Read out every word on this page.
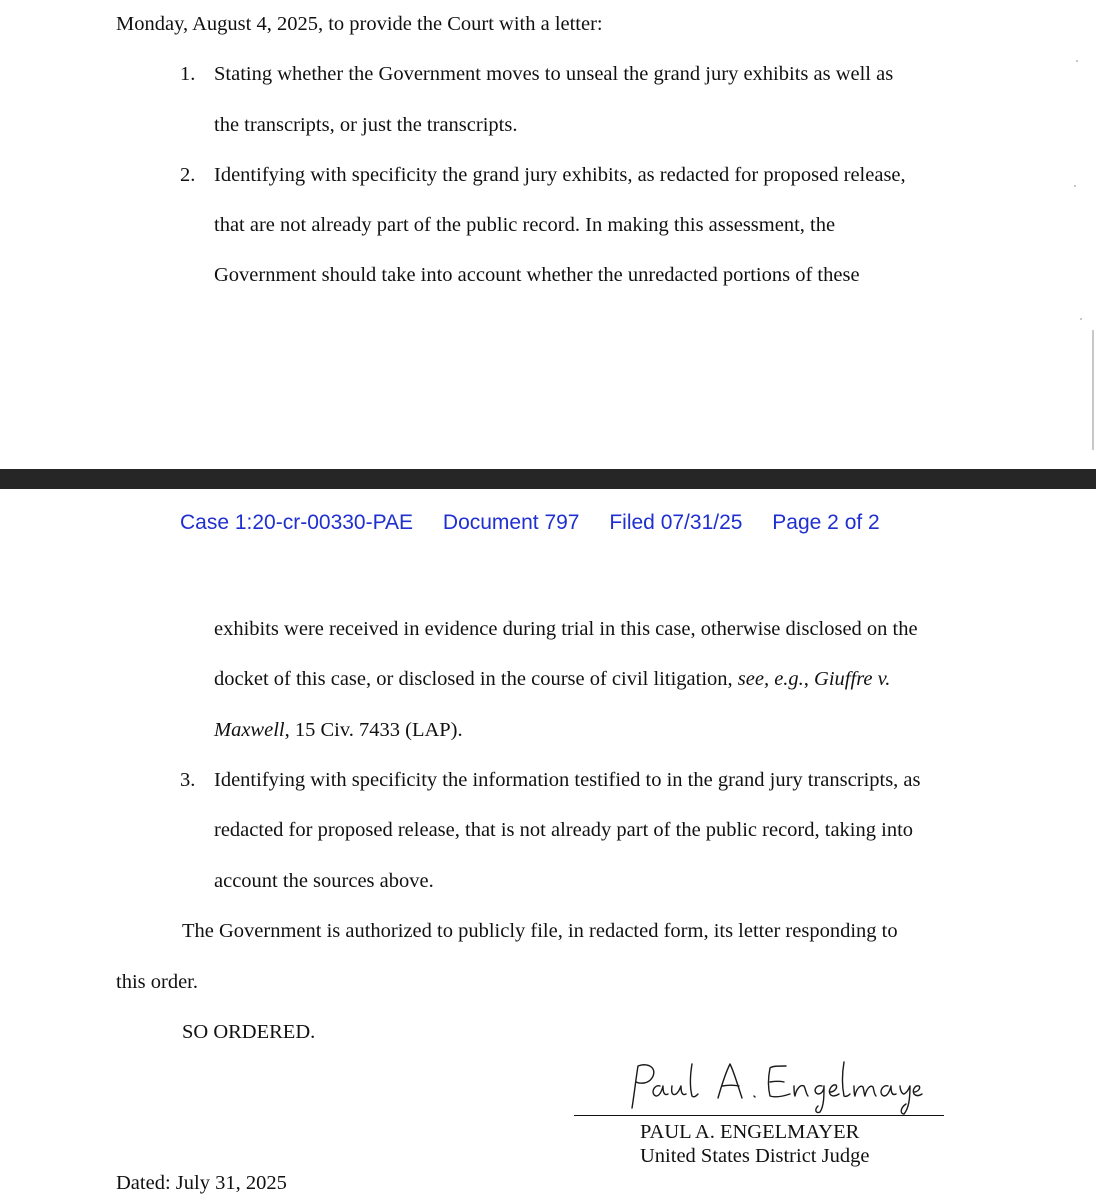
Monday, August 4, 2025, to provide the Court with a letter:
1. Stating whether the Government moves to unseal the grand jury exhibits as well as
the transcripts, or just the transcripts.
2. Identifying with specificity the grand jury exhibits, as redacted for proposed release,
that are not already part of the public record. In making this assessment, the
Government should take into account whether the unredacted portions of these
Case 1:20-cr-00330-PAE Document 797 Filed 07/31/25 Page 2 of 2
exhibits were received in evidence during trial in this case, otherwise disclosed on the
docket of this case, or disclosed in the course of civil litigation, see, e.g., Giuffre v.
Maxwell, 15 Civ. 7433 (LAP).
3. Identifying with specificity the information testified to in the grand jury transcripts, as
redacted for proposed release, that is not already part of the public record, taking into
account the sources above.
The Government is authorized to publicly file, in redacted form, its letter responding to
this order.
SO ORDERED.
PAUL A. ENGELMAYER
United States District Judge
Dated: July 31, 2025
